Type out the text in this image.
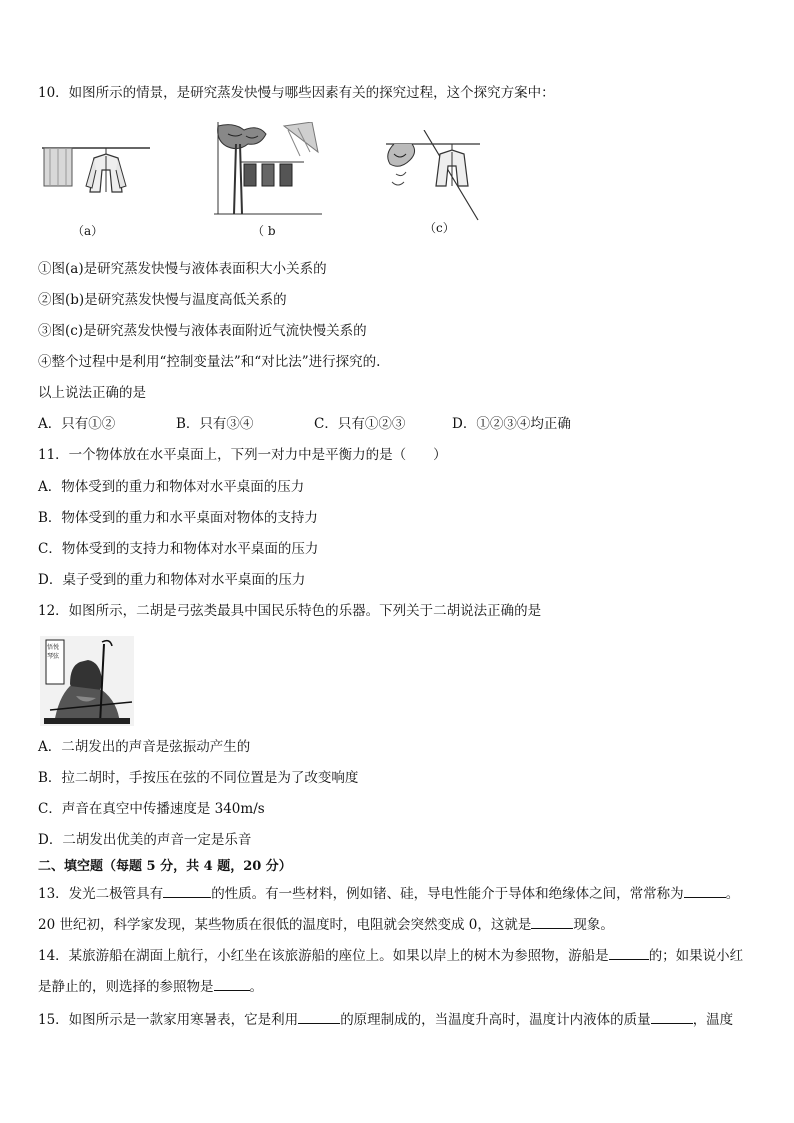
10．如图所示的情景，是研究蒸发快慢与哪些因素有关的探究过程，这个探究方案中：
（a）	（ b	（c）
①图(a)是研究蒸发快慢与液体表面积大小关系的
②图(b)是研究蒸发快慢与温度高低关系的
③图(c)是研究蒸发快慢与液体表面附近气流快慢关系的
④整个过程中是利用“控制变量法”和“对比法”进行探究的.
以上说法正确的是
A．只有①②	B．只有③④	C．只有①②③	D．①②③④均正确
11．一个物体放在水平桌面上，下列一对力中是平衡力的是（　　）
A．物体受到的重力和物体对水平桌面的压力
B．物体受到的重力和水平桌面对物体的支持力
C．物体受到的支持力和物体对水平桌面的压力
D．桌子受到的重力和物体对水平桌面的压力
12．如图所示，二胡是弓弦类最具中国民乐特色的乐器。下列关于二胡说法正确的是
悟悦琴弦
A．二胡发出的声音是弦振动产生的
B．拉二胡时，手按压在弦的不同位置是为了改变响度
C．声音在真空中传播速度是 340m/s
D．二胡发出优美的声音一定是乐音
二、填空题（每题 5 分，共 4 题，20 分）
13．发光二极管具有	的性质。有一些材料，例如锗、硅，导电性能介于导体和绝缘体之间，常常称为	。
20 世纪初，科学家发现，某些物质在很低的温度时，电阻就会突然变成 0，这就是	现象。
14．某旅游船在湖面上航行，小红坐在该旅游船的座位上。如果以岸上的树木为参照物，游船是	的；如果说小红
是静止的，则选择的参照物是	。
15．如图所示是一款家用寒暑表，它是利用	的原理制成的，当温度升高时，温度计内液体的质量	，温度
